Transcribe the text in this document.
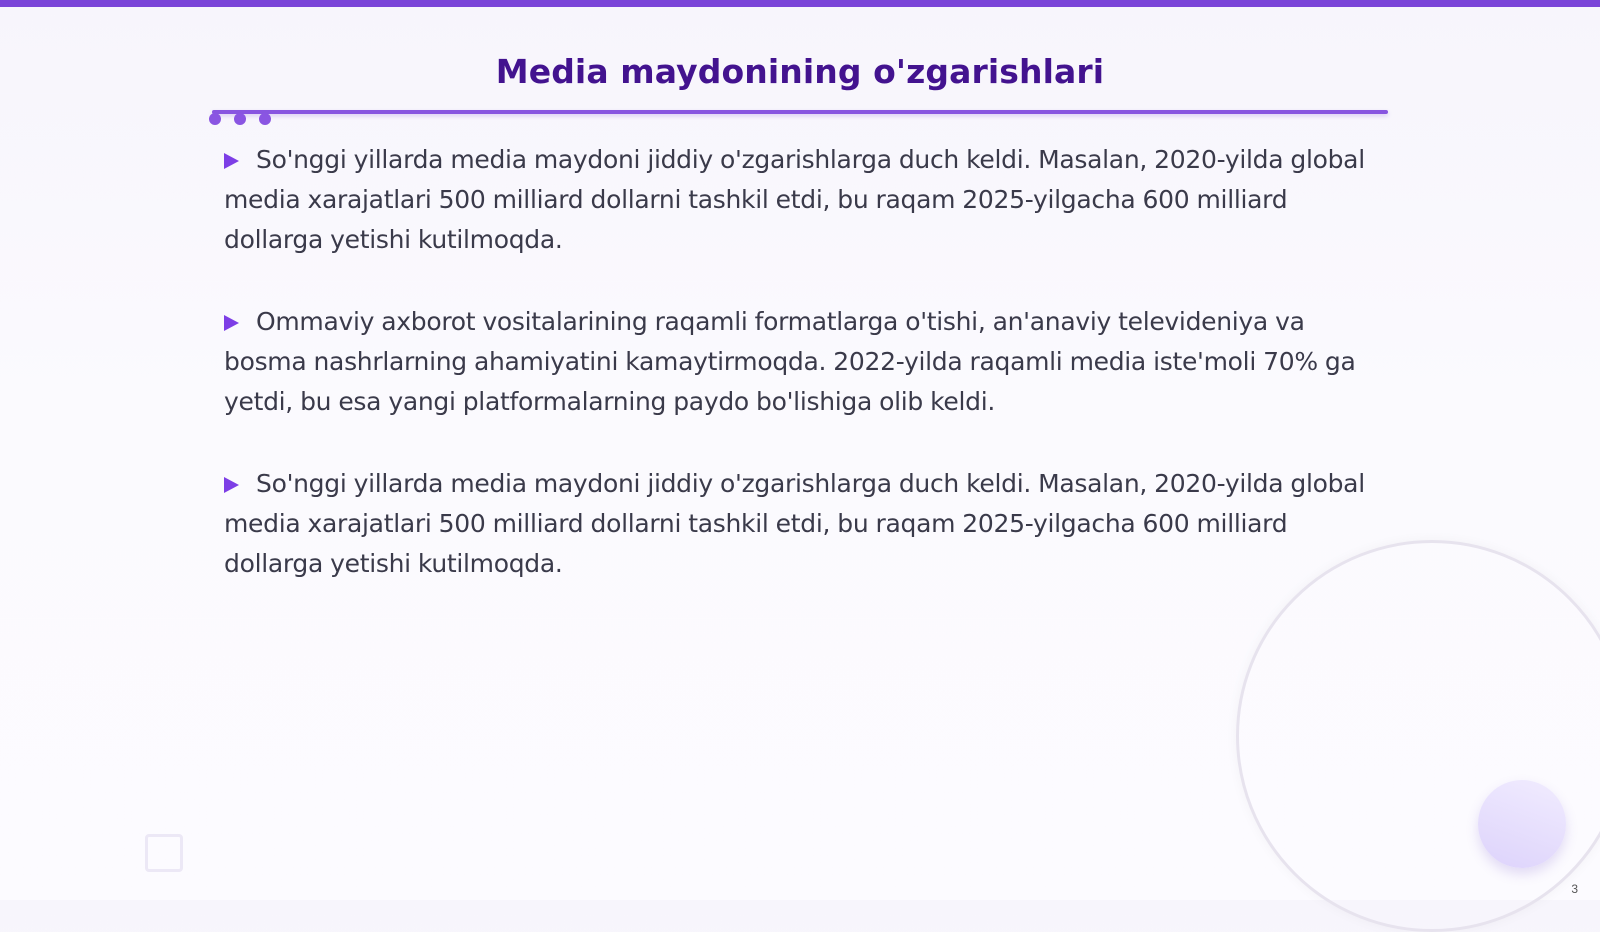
Media maydonining o'zgarishlari

So'nggi yillarda media maydoni jiddiy o'zgarishlarga duch keldi. Masalan, 2020-yilda global media xarajatlari 500 milliard dollarni tashkil etdi, bu raqam 2025-yilgacha 600 milliard dollarga yetishi kutilmoqda.

Ommaviy axborot vositalarining raqamli formatlarga o'tishi, an'anaviy televideniya va bosma nashrlarning ahamiyatini kamaytirmoqda. 2022-yilda raqamli media iste'moli 70% ga yetdi, bu esa yangi platformalarning paydo bo'lishiga olib keldi.

So'nggi yillarda media maydoni jiddiy o'zgarishlarga duch keldi. Masalan, 2020-yilda global media xarajatlari 500 milliard dollarni tashkil etdi, bu raqam 2025-yilgacha 600 milliard dollarga yetishi kutilmoqda.

3
